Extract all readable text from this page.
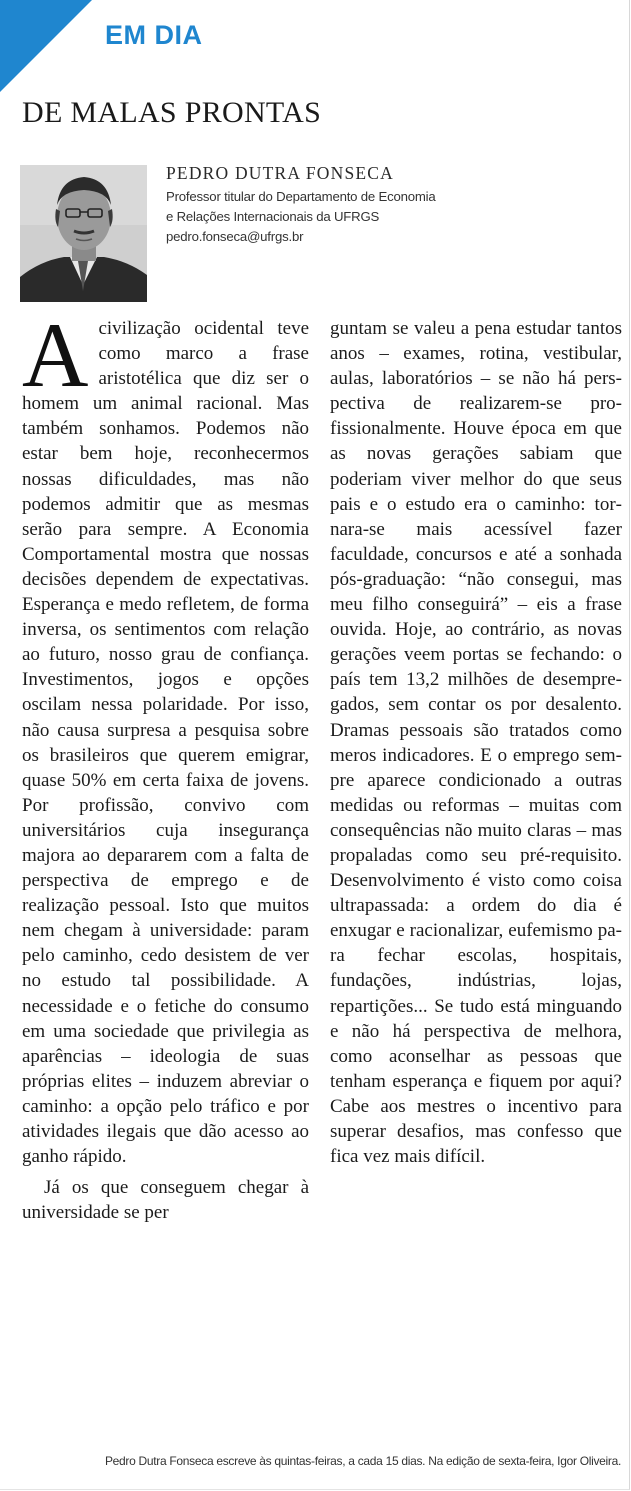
EM DIA
DE MALAS PRONTAS
PEDRO DUTRA FONSECA
Professor titular do Departamento de Economia
e Relações Internacionais da UFRGS
pedro.fonseca@ufrgs.br

A civilização ocidental teve como marco a frase aristotélica que diz ser o homem um animal racional. Mas também sonhamos. Podemos não estar bem hoje, reconhecermos nossas dificuldades, mas não podemos admitir que as mesmas serão para sempre. A Economia Comportamental mostra que nossas decisões dependem de expectativas. Esperança e medo refletem, de forma inversa, os sentimentos com relação ao futuro, nosso grau de confiança. Investimentos, jogos e opções oscilam nessa polaridade. Por isso, não causa surpresa a pesquisa sobre os brasileiros que querem emigrar, quase 50% em certa faixa de jovens. Por profissão, convivo com universitários cuja insegurança majora ao depararem com a falta de perspectiva de emprego e de realização pessoal. Isto que muitos nem chegam à universidade: param pelo caminho, cedo desistem de ver no estudo tal possibilidade. A necessidade e o fetiche do consumo em uma sociedade que privilegia as aparências – ideologia de suas próprias elites – induzem abreviar o caminho: a opção pelo tráfico e por atividades ilegais que dão acesso ao ganho rápido.

Já os que conseguem chegar à universidade se per

guntam se valeu a pena estudar tantos anos – exames, rotina, vestibular, aulas, laboratórios – se não há perspectiva de realizarem-se profissionalmente. Houve época em que as novas gerações sabiam que poderiam viver melhor do que seus pais e o estudo era o caminho: tornara-se mais acessível fazer faculdade, concursos e até a sonhada pós-graduação: “não consegui, mas meu filho conseguirá” – eis a frase ouvida. Hoje, ao contrário, as novas gerações veem portas se fechando: o país tem 13,2 milhões de desempregados, sem contar os por desalento. Dramas pessoais são tratados como meros indicadores. E o emprego sempre aparece condicionado a outras medidas ou reformas – muitas com consequências não muito claras – mas propaladas como seu pré-requisito. Desenvolvimento é visto como coisa ultrapassada: a ordem do dia é enxugar e racionalizar, eufemismo para fechar escolas, hospitais, fundações, indústrias, lojas, repartições... Se tudo está minguando e não há perspectiva de melhora, como aconselhar as pessoas que tenham esperança e fiquem por aqui? Cabe aos mestres o incentivo para superar desafios, mas confesso que fica vez mais difícil.

Pedro Dutra Fonseca escreve às quintas-feiras, a cada 15 dias. Na edição de sexta-feira, Igor Oliveira.
